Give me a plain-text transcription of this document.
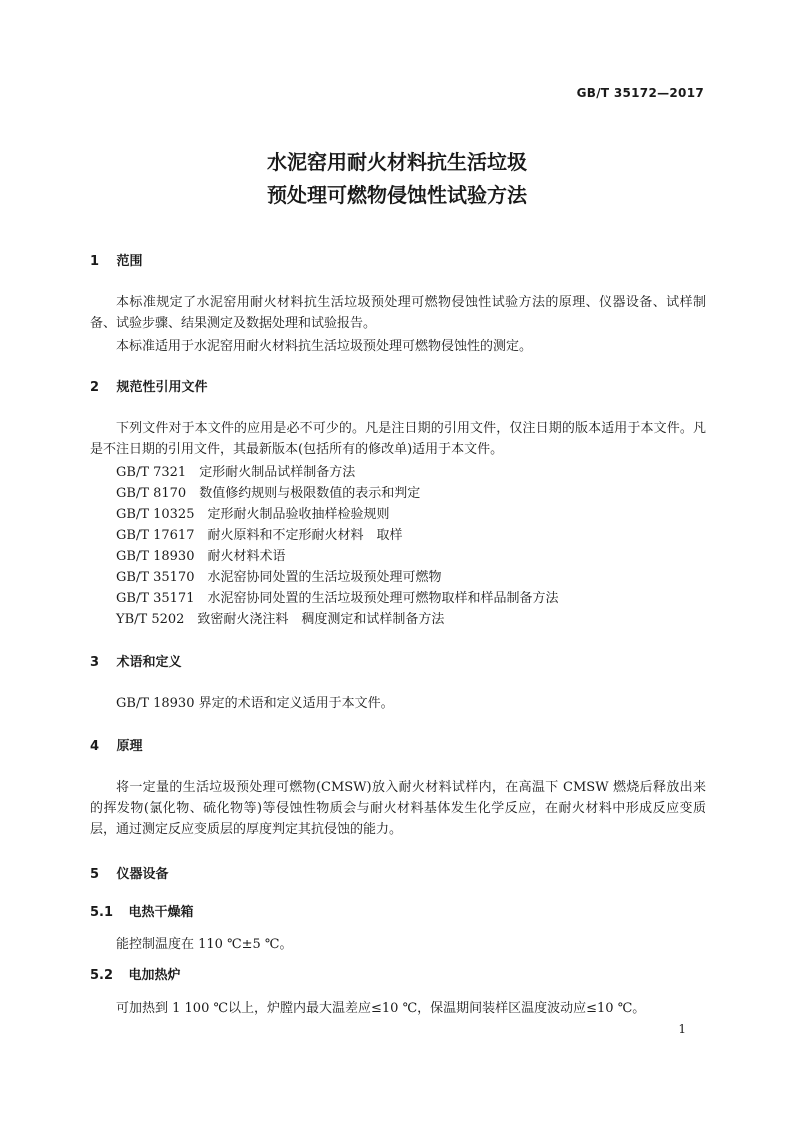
GB/T 35172—2017
水泥窑用耐火材料抗生活垃圾
预处理可燃物侵蚀性试验方法
1 范围
本标准规定了水泥窑用耐火材料抗生活垃圾预处理可燃物侵蚀性试验方法的原理、仪器设备、试样制备、试验步骤、结果测定及数据处理和试验报告。
本标准适用于水泥窑用耐火材料抗生活垃圾预处理可燃物侵蚀性的测定。
2 规范性引用文件
下列文件对于本文件的应用是必不可少的。凡是注日期的引用文件，仅注日期的版本适用于本文件。凡是不注日期的引用文件，其最新版本(包括所有的修改单)适用于本文件。
GB/T 7321　定形耐火制品试样制备方法
GB/T 8170　数值修约规则与极限数值的表示和判定
GB/T 10325　定形耐火制品验收抽样检验规则
GB/T 17617　耐火原料和不定形耐火材料　取样
GB/T 18930　耐火材料术语
GB/T 35170　水泥窑协同处置的生活垃圾预处理可燃物
GB/T 35171　水泥窑协同处置的生活垃圾预处理可燃物取样和样品制备方法
YB/T 5202　致密耐火浇注料　稠度测定和试样制备方法
3 术语和定义
GB/T 18930 界定的术语和定义适用于本文件。
4 原理
将一定量的生活垃圾预处理可燃物(CMSW)放入耐火材料试样内，在高温下 CMSW 燃烧后释放出来的挥发物(氯化物、硫化物等)等侵蚀性物质会与耐火材料基体发生化学反应，在耐火材料中形成反应变质层，通过测定反应变质层的厚度判定其抗侵蚀的能力。
5 仪器设备
5.1 电热干燥箱
能控制温度在 110 ℃±5 ℃。
5.2 电加热炉
可加热到 1 100 ℃以上，炉膛内最大温差应≤10 ℃，保温期间装样区温度波动应≤10 ℃。
1
